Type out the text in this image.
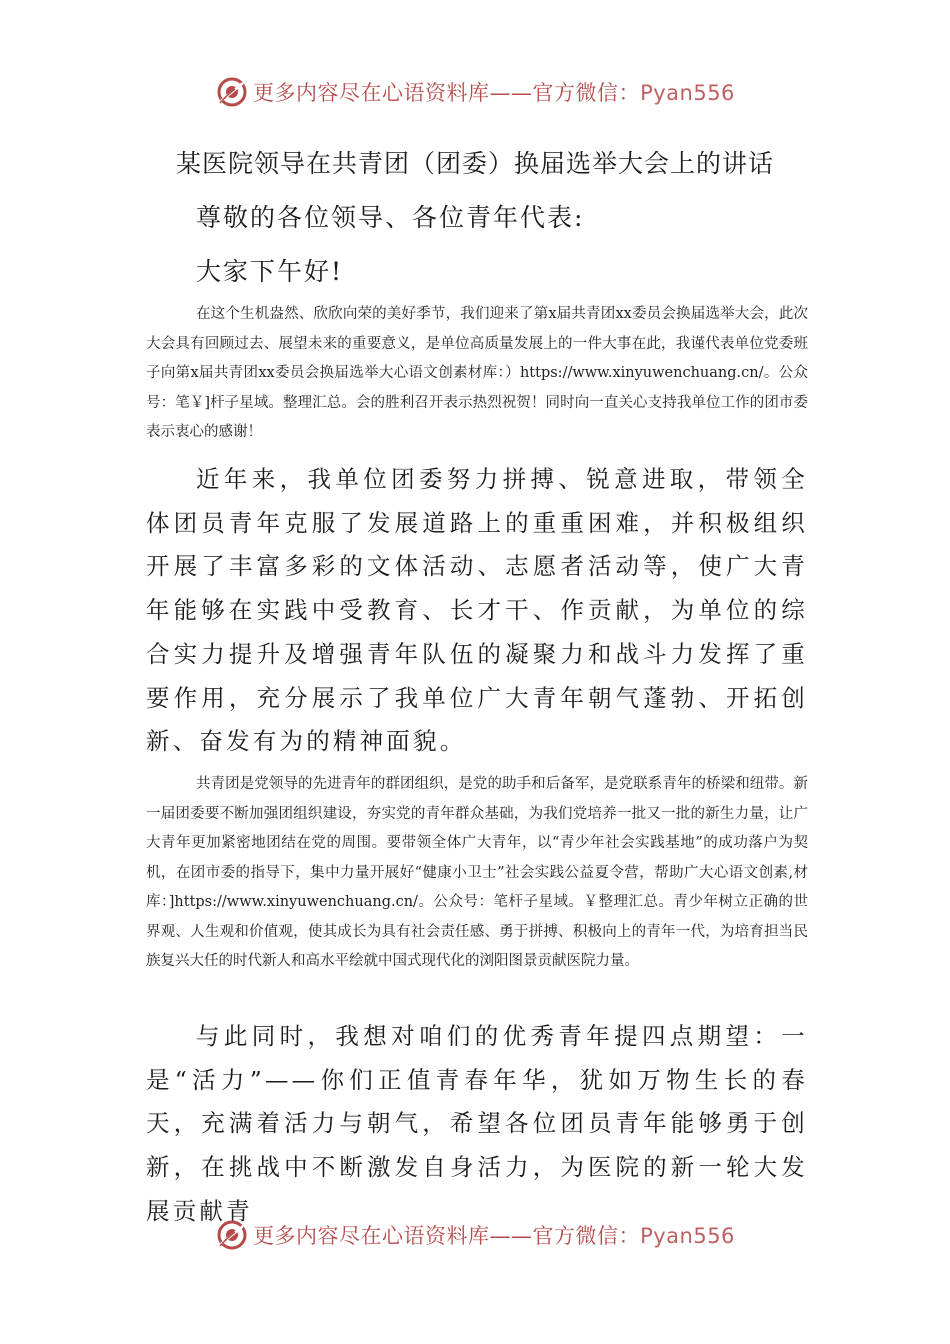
更多内容尽在心语资料库——官方微信：Pyan556
某医院领导在共青团（团委）换届选举大会上的讲话

尊敬的各位领导、各位青年代表:

大家下午好!

在这个生机盎然、欣欣向荣的美好季节，我们迎来了第x届共青团xx委员会换届选举大会，此次大会具有回顾过去、展望未来的重要意义，是单位高质量发展上的一件大事在此，我谨代表单位党委班子向第x届共青团xx委员会换届选举大心语文创素材库：）https://www.xinyuwenchuang.cn/。公众号：笔￥]杆子星域。整理汇总。会的胜利召开表示热烈祝贺！同时向一直关心支持我单位工作的团市委表示衷心的感谢！

近年来，我单位团委努力拼搏、锐意进取，带领全体团员青年克服了发展道路上的重重困难，并积极组织开展了丰富多彩的文体活动、志愿者活动等，使广大青年能够在实践中受教育、长才干、作贡献，为单位的综合实力提升及增强青年队伍的凝聚力和战斗力发挥了重要作用，充分展示了我单位广大青年朝气蓬勃、开拓创新、奋发有为的精神面貌。

共青团是党领导的先进青年的群团组织，是党的助手和后备军，是党联系青年的桥梁和纽带。新一届团委要不断加强团组织建设，夯实党的青年群众基础，为我们党培养一批又一批的新生力量，让广大青年更加紧密地团结在党的周围。要带领全体广大青年，以“青少年社会实践基地”的成功落户为契机，在团市委的指导下，集中力量开展好“健康小卫士”社会实践公益夏令营，帮助广大心语文创素,材库：]https://www.xinyuwenchuang.cn/。公众号：笔杆子星域。￥整理汇总。青少年树立正确的世界观、人生观和价值观，使其成长为具有社会责任感、勇于拼搏、积极向上的青年一代，为培育担当民族复兴大任的时代新人和高水平绘就中国式现代化的浏阳图景贡献医院力量。

与此同时，我想对咱们的优秀青年提四点期望：一是“活力”——你们正值青春年华，犹如万物生长的春天，充满着活力与朝气，希望各位团员青年能够勇于创新，在挑战中不断激发自身活力，为医院的新一轮大发展贡献青

更多内容尽在心语资料库——官方微信：Pyan556
